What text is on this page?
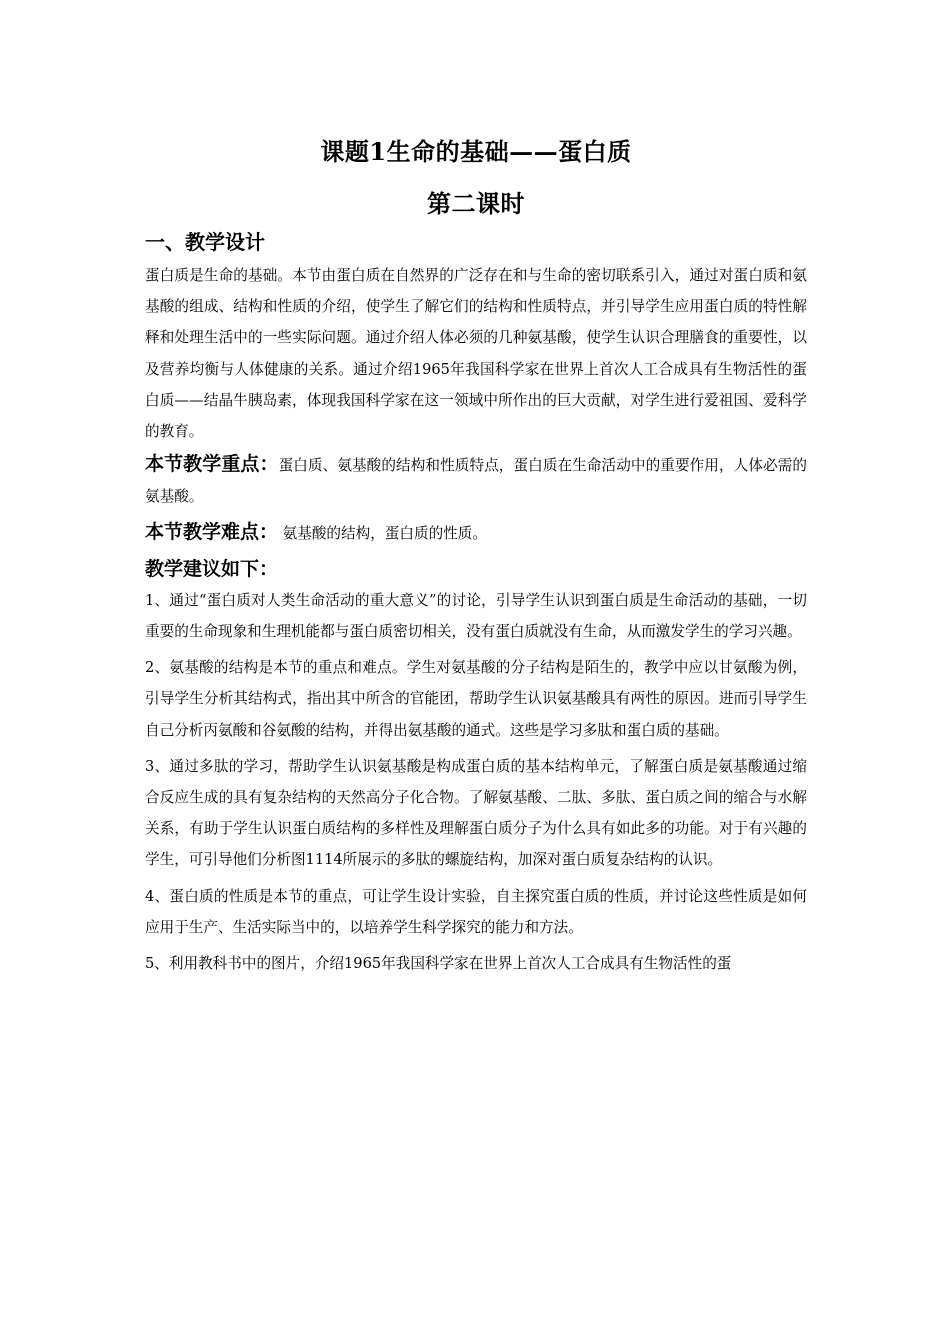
课题1生命的基础——蛋白质
第二课时
一、教学设计

蛋白质是生命的基础。本节由蛋白质在自然界的广泛存在和与生命的密切联系引入，通过对蛋白质和氨基酸的组成、结构和性质的介绍，使学生了解它们的结构和性质特点，并引导学生应用蛋白质的特性解释和处理生活中的一些实际问题。通过介绍人体必须的几种氨基酸，使学生认识合理膳食的重要性，以及营养均衡与人体健康的关系。通过介绍1965年我国科学家在世界上首次人工合成具有生物活性的蛋白质——结晶牛胰岛素，体现我国科学家在这一领域中所作出的巨大贡献，对学生进行爱祖国、爱科学的教育。

本节教学重点：蛋白质、氨基酸的结构和性质特点，蛋白质在生命活动中的重要作用，人体必需的氨基酸。
本节教学难点： 氨基酸的结构，蛋白质的性质。
教学建议如下：

1、通过“蛋白质对人类生命活动的重大意义”的讨论，引导学生认识到蛋白质是生命活动的基础，一切重要的生命现象和生理机能都与蛋白质密切相关，没有蛋白质就没有生命，从而激发学生的学习兴趣。

2、氨基酸的结构是本节的重点和难点。学生对氨基酸的分子结构是陌生的，教学中应以甘氨酸为例，引导学生分析其结构式，指出其中所含的官能团，帮助学生认识氨基酸具有两性的原因。进而引导学生自己分析丙氨酸和谷氨酸的结构，并得出氨基酸的通式。这些是学习多肽和蛋白质的基础。

3、通过多肽的学习，帮助学生认识氨基酸是构成蛋白质的基本结构单元，了解蛋白质是氨基酸通过缩合反应生成的具有复杂结构的天然高分子化合物。了解氨基酸、二肽、多肽、蛋白质之间的缩合与水解关系，有助于学生认识蛋白质结构的多样性及理解蛋白质分子为什么具有如此多的功能。对于有兴趣的学生，可引导他们分析图1114所展示的多肽的螺旋结构，加深对蛋白质复杂结构的认识。

4、蛋白质的性质是本节的重点，可让学生设计实验，自主探究蛋白质的性质，并讨论这些性质是如何应用于生产、生活实际当中的，以培养学生科学探究的能力和方法。

5、利用教科书中的图片，介绍1965年我国科学家在世界上首次人工合成具有生物活性的蛋
